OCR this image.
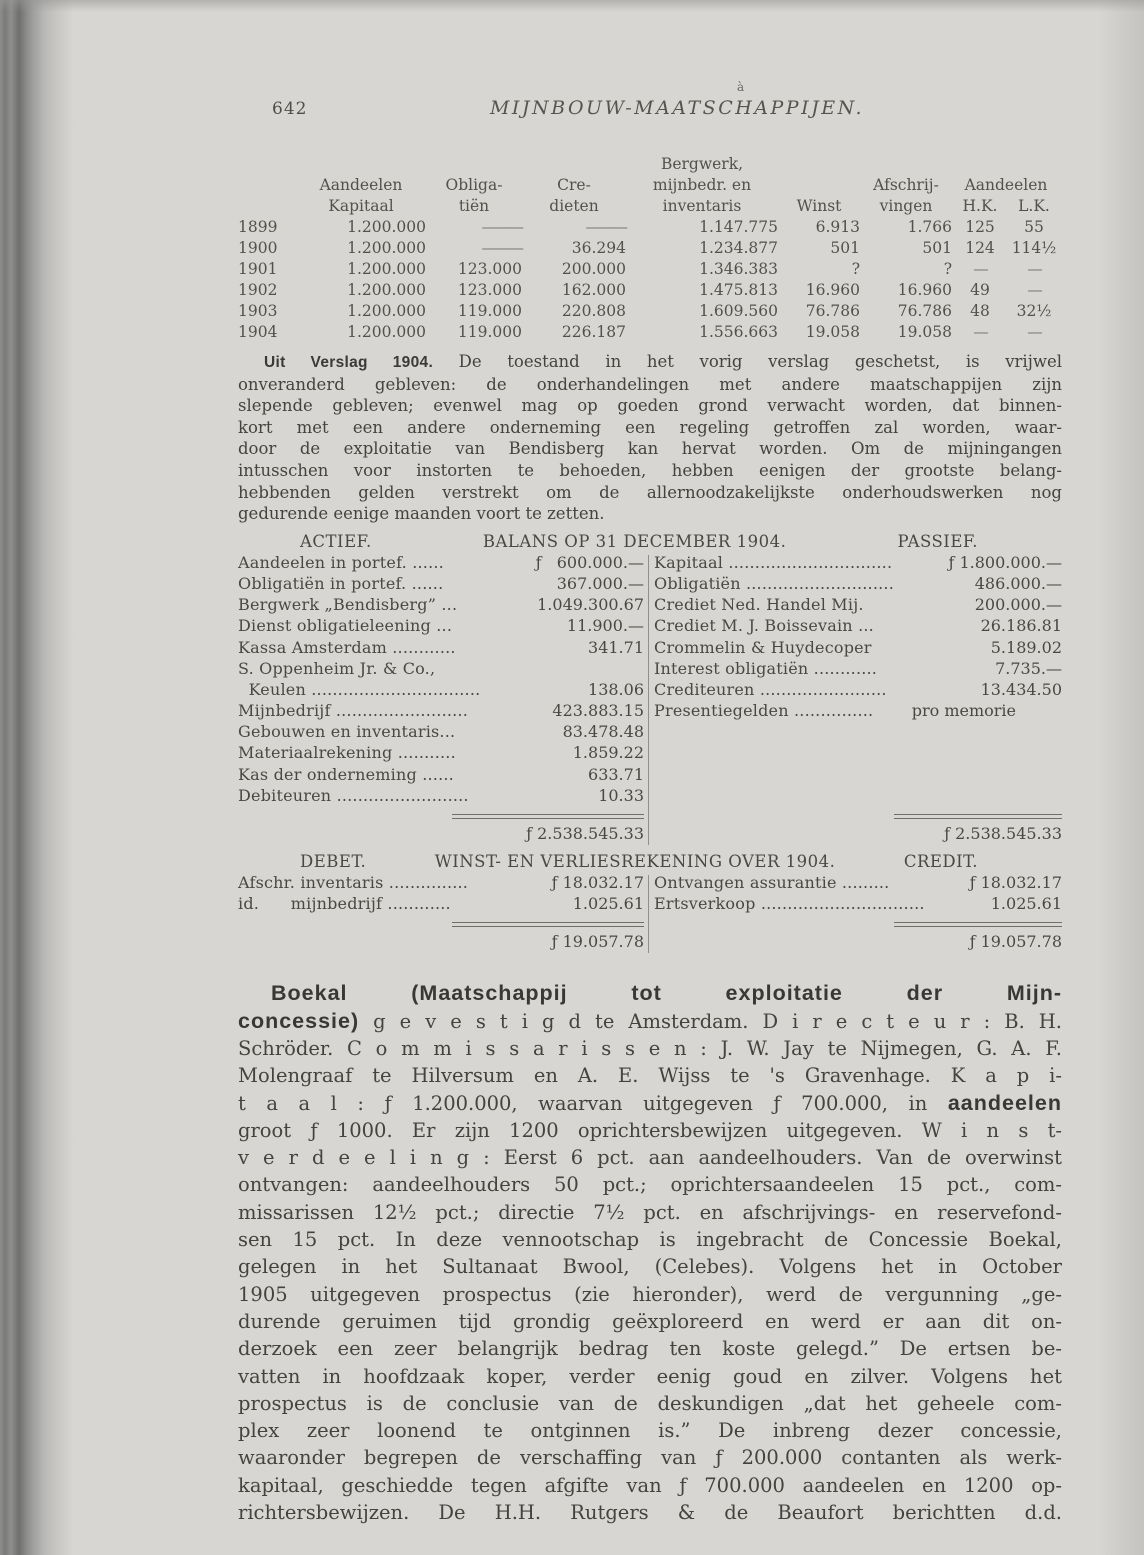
à
642	MIJNBOUW-MAATSCHAPPIJEN.
				Bergwerk,				
	Aandeelen	Obliga-	Cre-	mijnbedr. en		Afschrij-	Aandeelen	
	Kapitaal	tiën	dieten	inventaris	Winst	vingen	H.K.	L.K.
1899	1.200.000	———	———	1.147.775	6.913	1.766	125	55
1900	1.200.000	———	36.294	1.234.877	501	501	124	114½
1901	1.200.000	123.000	200.000	1.346.383	?	?	—	—
1902	1.200.000	123.000	162.000	1.475.813	16.960	16.960	49	—
1903	1.200.000	119.000	220.808	1.609.560	76.786	76.786	48	32½
1904	1.200.000	119.000	226.187	1.556.663	19.058	19.058	—	—
Uit Verslag 1904. De toestand in het vorig verslag geschetst, is vrijwel
onveranderd gebleven: de onderhandelingen met andere maatschappijen zijn
slepende gebleven; evenwel mag op goeden grond verwacht worden, dat binnen-
kort met een andere onderneming een regeling getroffen zal worden, waar-
door de exploitatie van Bendisberg kan hervat worden. Om de mijningangen
intusschen voor instorten te behoeden, hebben eenigen der grootste belang-
hebbenden gelden verstrekt om de allernoodzakelijkste onderhoudswerken nog
gedurende eenige maanden voort te zetten.
ACTIEF.	BALANS OP 31 DECEMBER 1904.	PASSIEF.
Aandeelen in portef. ......	ƒ   600.000.—
Obligatiën in portef. ......	367.000.—
Bergwerk „Bendisberg” ...	1.049.300.67
Dienst obligatieleening ...	11.900.—
Kassa Amsterdam ............	341.71
S. Oppenheim Jr. & Co.,
Keulen ................................	138.06
Mijnbedrijf .........................	423.883.15
Gebouwen en inventaris...	83.478.48
Materiaalrekening ...........	1.859.22
Kas der onderneming ......	633.71
Debiteuren .........................	10.33
ƒ 2.538.545.33
Kapitaal ...............................	ƒ 1.800.000.—
Obligatiën ............................	486.000.—
Crediet Ned. Handel Mij.	200.000.—
Crediet M. J. Boissevain ...	26.186.81
Crommelin & Huydecoper	5.189.02
Interest obligatiën ............	7.735.—
Crediteuren ........................	13.434.50
Presentiegelden ...............	pro memorie
ƒ 2.538.545.33
DEBET.	WINST- EN VERLIESREKENING OVER 1904.	CREDIT.
Afschr. inventaris ...............	ƒ 18.032.17
id.      mijnbedrijf ............	1.025.61
ƒ 19.057.78
Ontvangen assurantie .........	ƒ 18.032.17
Ertsverkoop ...............................	1.025.61
ƒ 19.057.78
Boekal (Maatschappij tot exploitatie der Mijn-
concessie) g e v e s t i g d te Amsterdam. D i r e c t e u r : B. H.
Schröder. C o m m i s s a r i s s e n : J. W. Jay te Nijmegen, G. A. F.
Molengraaf te Hilversum en A. E. Wijss te 's Gravenhage. K a p i-
t a a l : ƒ 1.200.000, waarvan uitgegeven ƒ 700.000, in aandeelen
groot ƒ 1000. Er zijn 1200 oprichtersbewijzen uitgegeven. W i n s t-
v e r d e e l i n g : Eerst 6 pct. aan aandeelhouders. Van de overwinst
ontvangen: aandeelhouders 50 pct.; oprichtersaandeelen 15 pct., com-
missarissen 12½ pct.; directie 7½ pct. en afschrijvings- en reservefond-
sen 15 pct. In deze vennootschap is ingebracht de Concessie Boekal,
gelegen in het Sultanaat Bwool, (Celebes). Volgens het in October
1905 uitgegeven prospectus (zie hieronder), werd de vergunning „ge-
durende geruimen tijd grondig geëxploreerd en werd er aan dit on-
derzoek een zeer belangrijk bedrag ten koste gelegd.” De ertsen be-
vatten in hoofdzaak koper, verder eenig goud en zilver. Volgens het
prospectus is de conclusie van de deskundigen „dat het geheele com-
plex zeer loonend te ontginnen is.” De inbreng dezer concessie,
waaronder begrepen de verschaffing van ƒ 200.000 contanten als werk-
kapitaal, geschiedde tegen afgifte van ƒ 700.000 aandeelen en 1200 op-
richtersbewijzen. De H.H. Rutgers & de Beaufort berichtten d.d.
